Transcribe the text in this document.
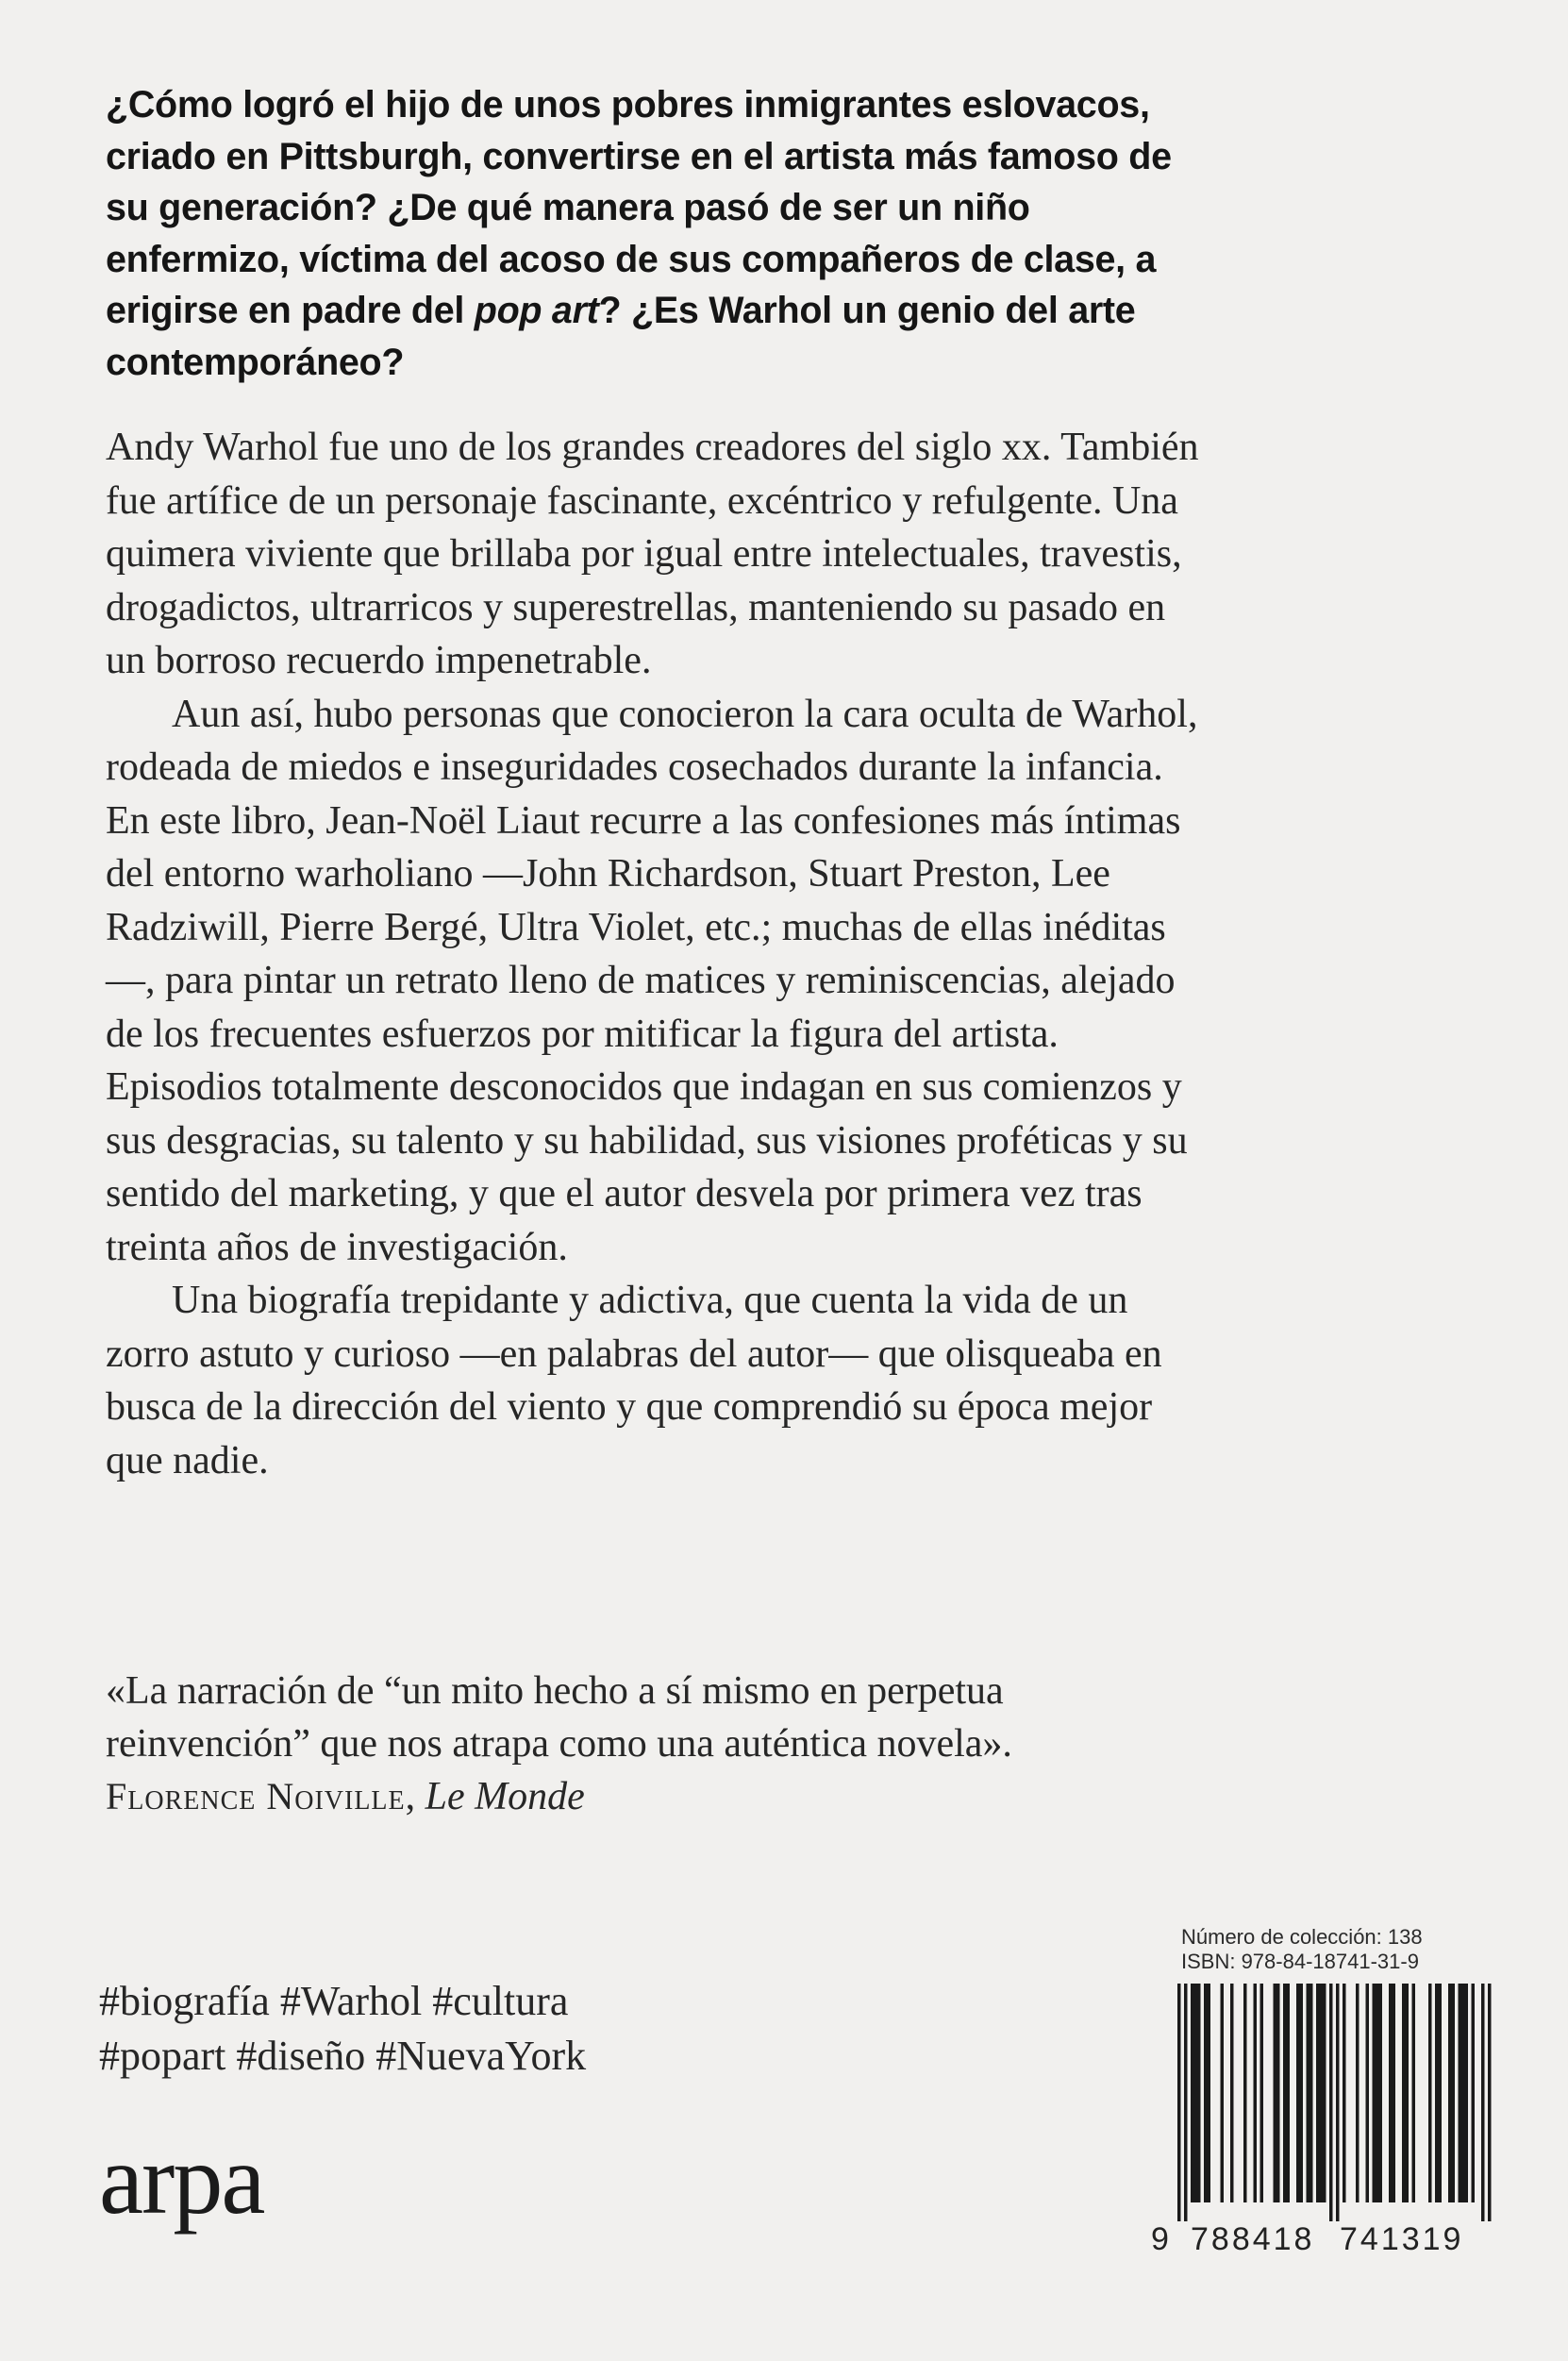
¿Cómo logró el hijo de unos pobres inmigrantes eslovacos, criado en Pittsburgh, convertirse en el artista más famoso de su generación? ¿De qué manera pasó de ser un niño enfermizo, víctima del acoso de sus compañeros de clase, a erigirse en padre del pop art? ¿Es Warhol un genio del arte contemporáneo?

Andy Warhol fue uno de los grandes creadores del siglo xx. También fue artífice de un personaje fascinante, excéntrico y refulgente. Una quimera viviente que brillaba por igual entre intelectuales, travestis, drogadictos, ultrarricos y superestrellas, manteniendo su pasado en un borroso recuerdo impenetrable.

Aun así, hubo personas que conocieron la cara oculta de Warhol, rodeada de miedos e inseguridades cosechados durante la infancia. En este libro, Jean-Noël Liaut recurre a las confesiones más íntimas del entorno warholiano —John Richardson, Stuart Preston, Lee Radziwill, Pierre Bergé, Ultra Violet, etc.; muchas de ellas inéditas—, para pintar un retrato lleno de matices y reminiscencias, alejado de los frecuentes esfuerzos por mitificar la figura del artista. Episodios totalmente desconocidos que indagan en sus comienzos y sus desgracias, su talento y su habilidad, sus visiones proféticas y su sentido del marketing, y que el autor desvela por primera vez tras treinta años de investigación.

Una biografía trepidante y adictiva, que cuenta la vida de un zorro astuto y curioso —en palabras del autor— que olisqueaba en busca de la dirección del viento y que comprendió su época mejor que nadie.

«La narración de “un mito hecho a sí mismo en perpetua reinvención” que nos atrapa como una auténtica novela».

Florence Noiville, Le Monde

#biografía #Warhol #cultura
#popart #diseño #NuevaYork
arpa
Número de colección: 138
ISBN: 978-84-18741-31-9
9 788418 741319
